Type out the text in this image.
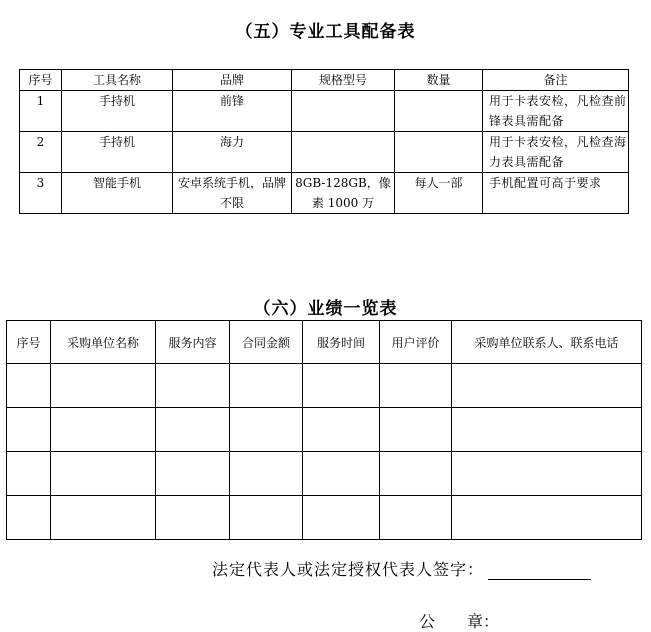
（五）专业工具配备表
序号	工具名称	品牌	规格型号	数量	备注
1	手持机	前锋			用于卡表安检，凡检查前锋表具需配备
2	手持机	海力			用于卡表安检，凡检查海力表具需配备
3	智能手机	安卓系统手机，品牌不限	8GB-128GB，像素 1000 万	每人一部	手机配置可高于要求
（六）业绩一览表
序号	采购单位名称	服务内容	合同金额	服务时间	用户评价	采购单位联系人、联系电话

法定代表人或法定授权代表人签字：
公　　章：
